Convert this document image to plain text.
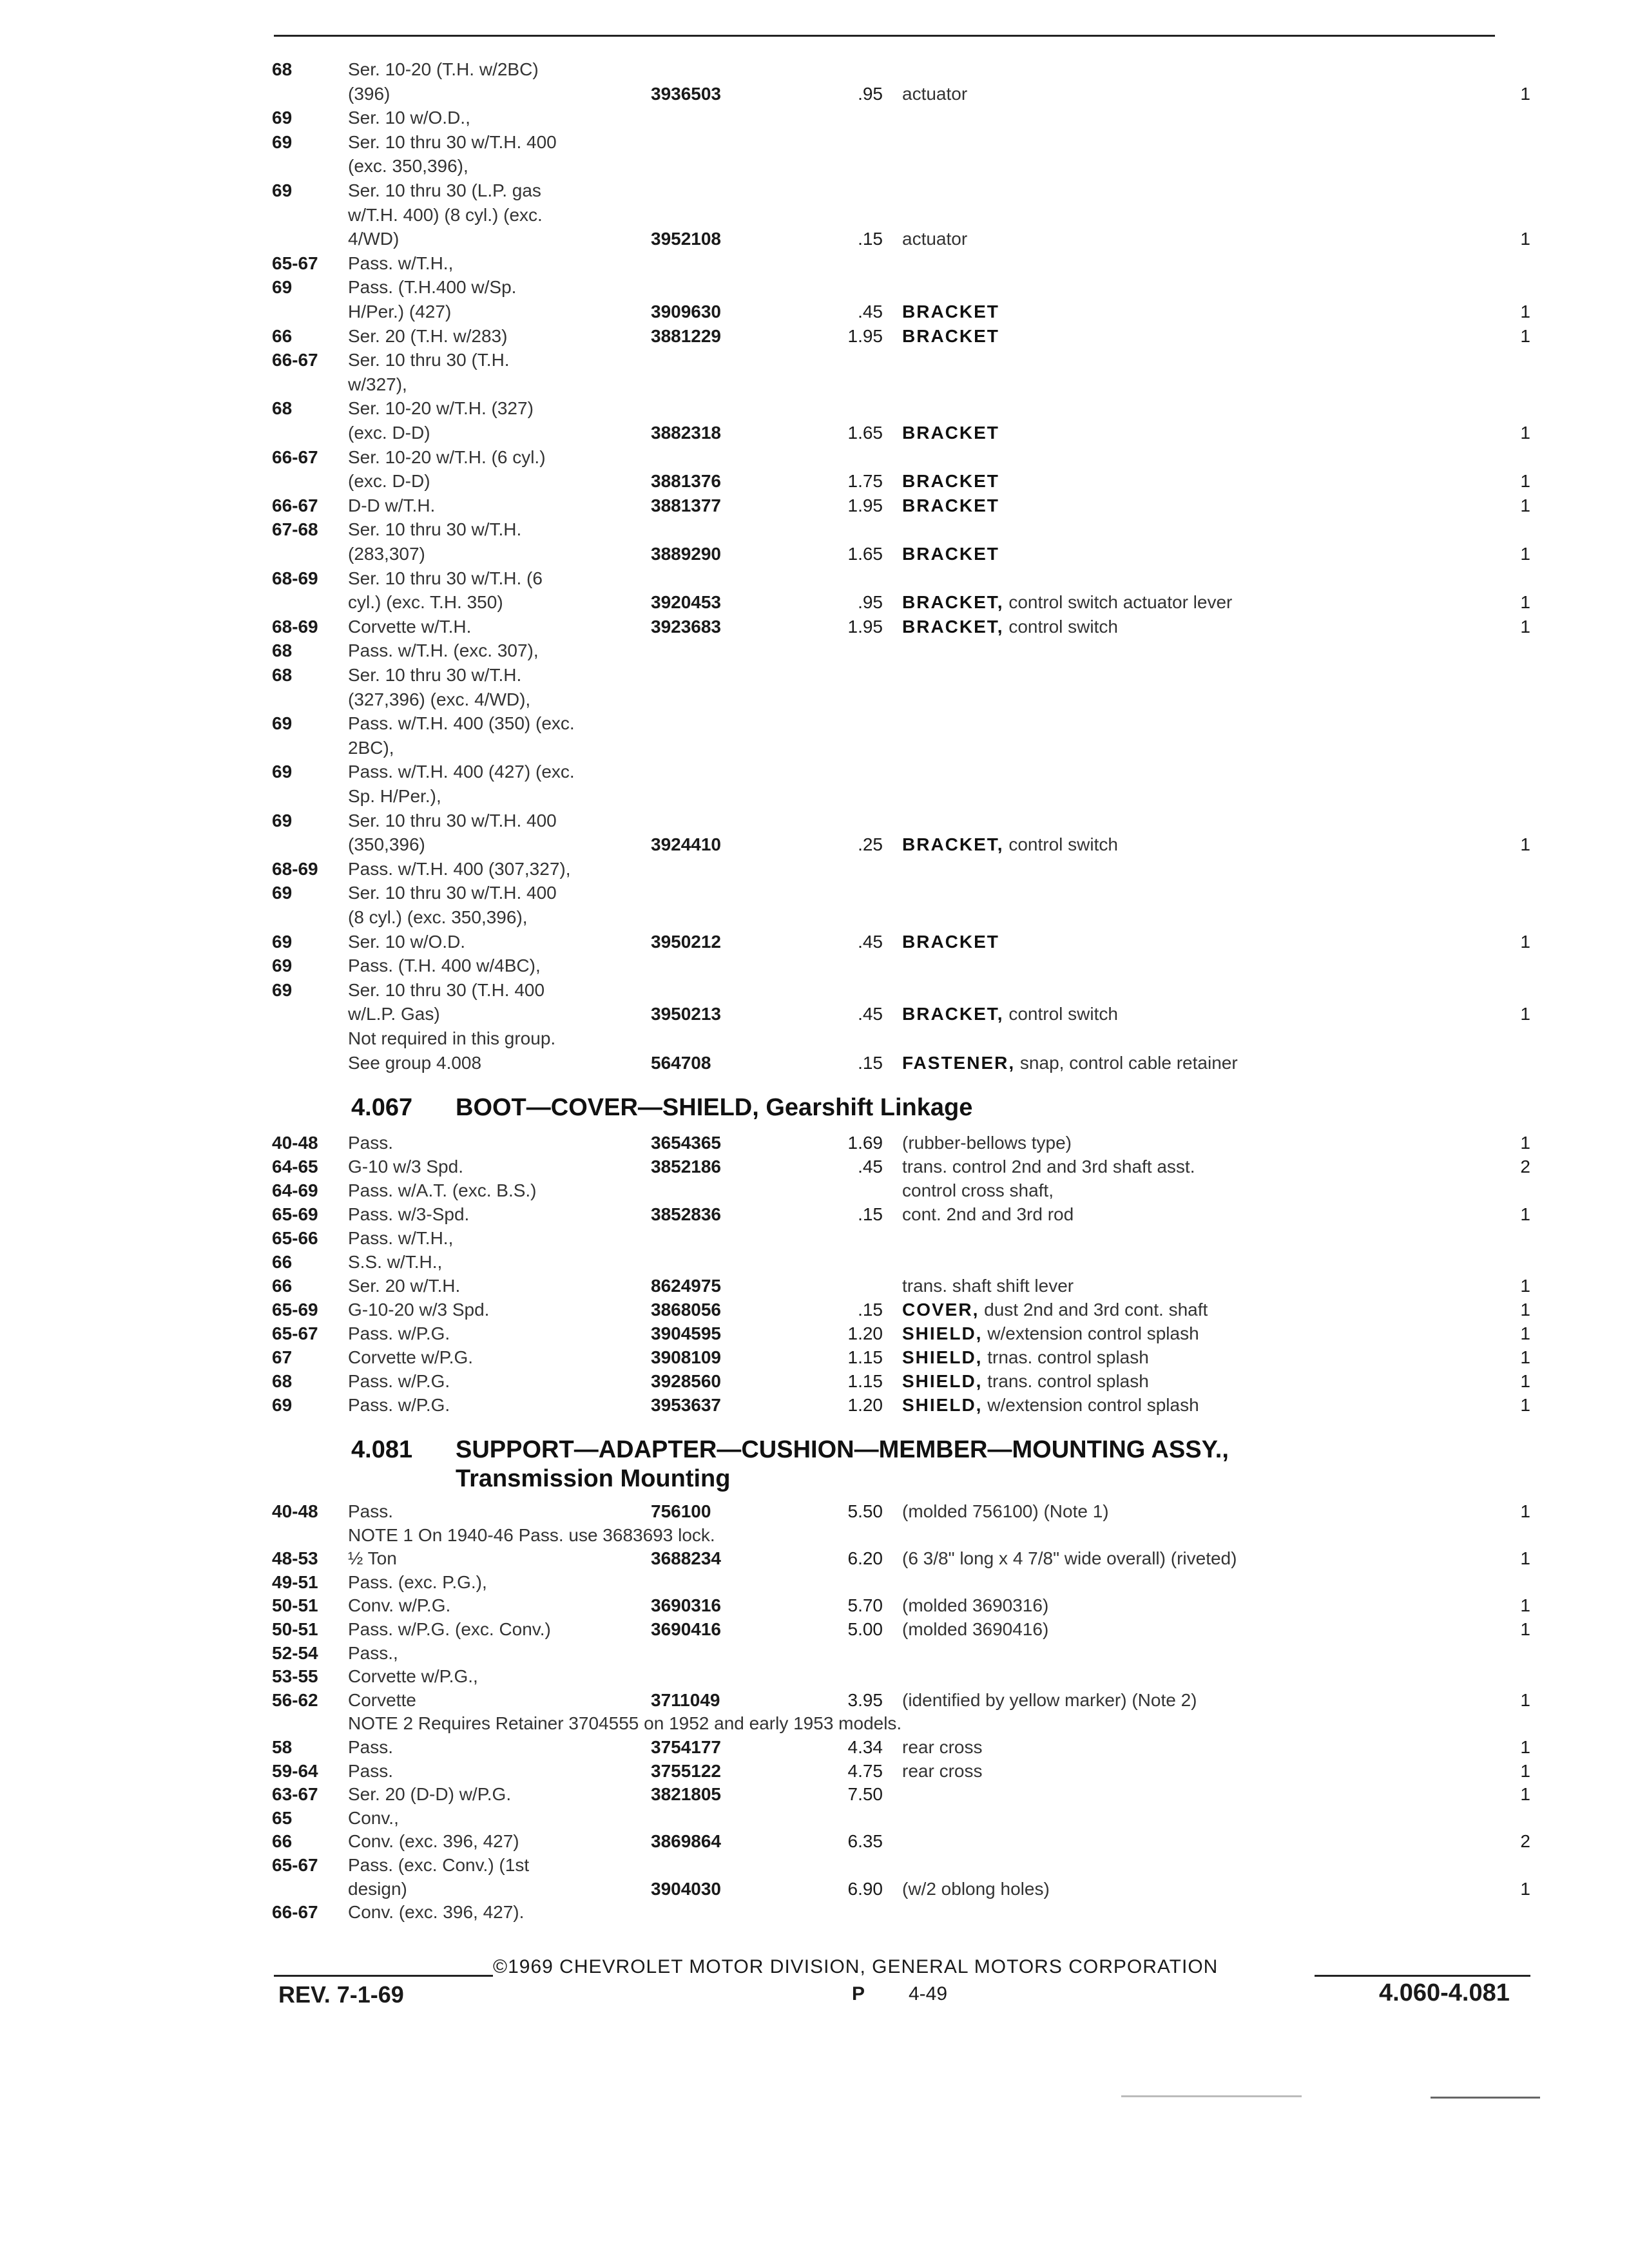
68	Ser. 10-20 (T.H. w/2BC)
(396)	3936503	.95 actuator	1
69	Ser. 10 w/O.D.,
69	Ser. 10 thru 30 w/T.H. 400
(exc. 350,396),
69	Ser. 10 thru 30 (L.P. gas
w/T.H. 400) (8 cyl.) (exc.
4/WD)	3952108	.15 actuator	1
65-67 Pass. w/T.H.,
69	Pass. (T.H.400 w/Sp.
H/Per.) (427)	3909630	.45 BRACKET	1
66	Ser. 20 (T.H. w/283)	3881229	1.95 BRACKET	1
66-67 Ser. 10 thru 30 (T.H.
w/327),
68	Ser. 10-20 w/T.H. (327)
(exc. D-D)	3882318	1.65 BRACKET	1
66-67 Ser. 10-20 w/T.H. (6 cyl.)
(exc. D-D)	3881376	1.75 BRACKET	1
66-67 D-D w/T.H.	3881377	1.95 BRACKET	1
67-68 Ser. 10 thru 30 w/T.H.
(283,307)	3889290	1.65 BRACKET	1
68-69 Ser. 10 thru 30 w/T.H. (6
cyl.) (exc. T.H. 350)	3920453	.95 BRACKET, control switch actuator lever	1
68-69 Corvette w/T.H.	3923683	1.95 BRACKET, control switch	1
68	Pass. w/T.H. (exc. 307),
68	Ser. 10 thru 30 w/T.H.
(327,396) (exc. 4/WD),
69	Pass. w/T.H. 400 (350) (exc.
2BC),
69	Pass. w/T.H. 400 (427) (exc.
Sp. H/Per.),
69	Ser. 10 thru 30 w/T.H. 400
(350,396)	3924410	.25 BRACKET, control switch	1
68-69 Pass. w/T.H. 400 (307,327),
69	Ser. 10 thru 30 w/T.H. 400
(8 cyl.) (exc. 350,396),
69	Ser. 10 w/O.D.	3950212	.45 BRACKET	1
69	Pass. (T.H. 400 w/4BC),
69	Ser. 10 thru 30 (T.H. 400
w/L.P. Gas)	3950213	.45 BRACKET, control switch	1
Not required in this group.
See group 4.008	564708	.15 FASTENER, snap, control cable retainer
4.067 BOOT—COVER—SHIELD, Gearshift Linkage
40-48 Pass.	3654365	1.69 (rubber-bellows type)	1
64-65 G-10 w/3 Spd.	3852186	.45 trans. control 2nd and 3rd shaft asst.	2
64-69 Pass. w/A.T. (exc. B.S.)	control cross shaft,
65-69 Pass. w/3-Spd.	3852836	.15 cont. 2nd and 3rd rod	1
65-66 Pass. w/T.H.,
66	S.S. w/T.H.,
66	Ser. 20 w/T.H.	8624975	trans. shaft shift lever	1
65-69 G-10-20 w/3 Spd.	3868056	.15 COVER, dust 2nd and 3rd cont. shaft	1
65-67 Pass. w/P.G.	3904595	1.20 SHIELD, w/extension control splash	1
67	Corvette w/P.G.	3908109	1.15 SHIELD, trnas. control splash	1
68	Pass. w/P.G.	3928560	1.15 SHIELD, trans. control splash	1
69	Pass. w/P.G.	3953637	1.20 SHIELD, w/extension control splash	1
4.081 SUPPORT—ADAPTER—CUSHION—MEMBER—MOUNTING ASSY.,
Transmission Mounting
40-48 Pass.	756100	5.50 (molded 756100) (Note 1)	1
NOTE 1 On 1940-46 Pass. use 3683693 lock.
48-53 ½ Ton	3688234	6.20 (6 3/8" long x 4 7/8" wide overall) (riveted)	1
49-51 Pass. (exc. P.G.),
50-51 Conv. w/P.G.	3690316	5.70 (molded 3690316)	1
50-51 Pass. w/P.G. (exc. Conv.)	3690416	5.00 (molded 3690416)	1
52-54 Pass.,
53-55 Corvette w/P.G.,
56-62 Corvette	3711049	3.95 (identified by yellow marker) (Note 2)	1
NOTE 2 Requires Retainer 3704555 on 1952 and early 1953 models.
58	Pass.	3754177	4.34 rear cross	1
59-64 Pass.	3755122	4.75 rear cross	1
63-67 Ser. 20 (D-D) w/P.G.	3821805	7.50	1
65	Conv.,
66	Conv. (exc. 396, 427)	3869864	6.35	2
65-67 Pass. (exc. Conv.) (1st
design)	3904030	6.90 (w/2 oblong holes)	1
66-67 Conv. (exc. 396, 427).
©1969 CHEVROLET MOTOR DIVISION, GENERAL MOTORS CORPORATION
REV. 7-1-69	P 4-49	4.060-4.081
